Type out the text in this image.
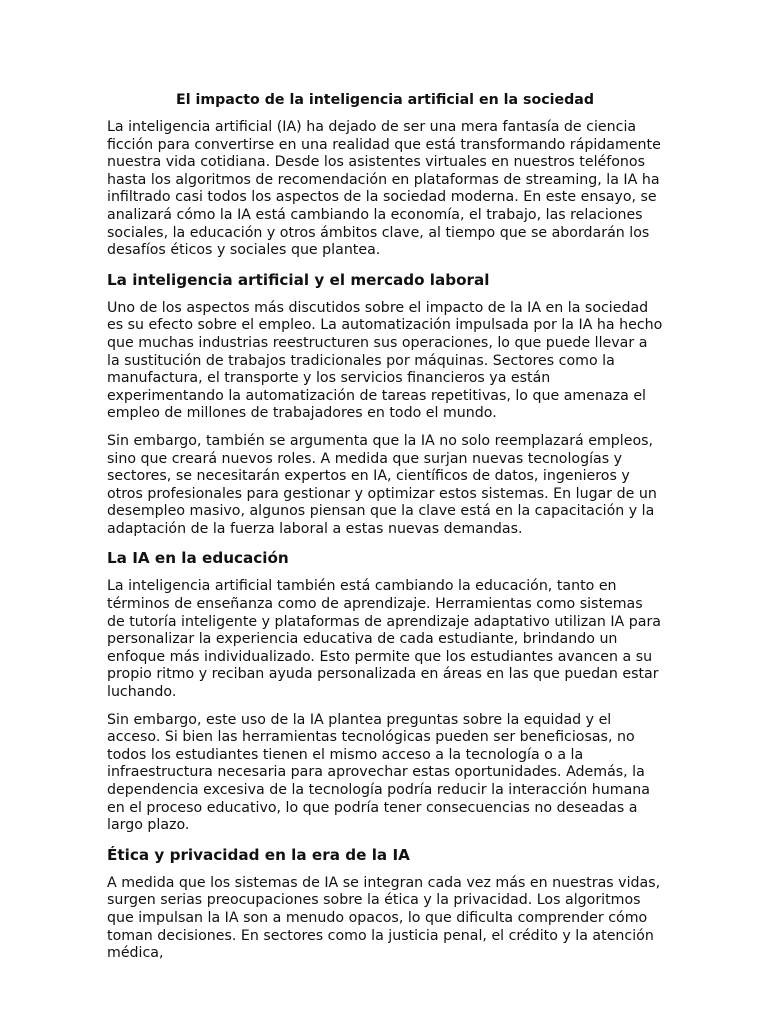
El impacto de la inteligencia artificial en la sociedad

La inteligencia artificial (IA) ha dejado de ser una mera fantasía de ciencia ficción para convertirse en una realidad que está transformando rápidamente nuestra vida cotidiana. Desde los asistentes virtuales en nuestros teléfonos hasta los algoritmos de recomendación en plataformas de streaming, la IA ha infiltrado casi todos los aspectos de la sociedad moderna. En este ensayo, se analizará cómo la IA está cambiando la economía, el trabajo, las relaciones sociales, la educación y otros ámbitos clave, al tiempo que se abordarán los desafíos éticos y sociales que plantea.

La inteligencia artificial y el mercado laboral

Uno de los aspectos más discutidos sobre el impacto de la IA en la sociedad es su efecto sobre el empleo. La automatización impulsada por la IA ha hecho que muchas industrias reestructuren sus operaciones, lo que puede llevar a la sustitución de trabajos tradicionales por máquinas. Sectores como la manufactura, el transporte y los servicios financieros ya están experimentando la automatización de tareas repetitivas, lo que amenaza el empleo de millones de trabajadores en todo el mundo.

Sin embargo, también se argumenta que la IA no solo reemplazará empleos, sino que creará nuevos roles. A medida que surjan nuevas tecnologías y sectores, se necesitarán expertos en IA, científicos de datos, ingenieros y otros profesionales para gestionar y optimizar estos sistemas. En lugar de un desempleo masivo, algunos piensan que la clave está en la capacitación y la adaptación de la fuerza laboral a estas nuevas demandas.

La IA en la educación

La inteligencia artificial también está cambiando la educación, tanto en términos de enseñanza como de aprendizaje. Herramientas como sistemas de tutoría inteligente y plataformas de aprendizaje adaptativo utilizan IA para personalizar la experiencia educativa de cada estudiante, brindando un enfoque más individualizado. Esto permite que los estudiantes avancen a su propio ritmo y reciban ayuda personalizada en áreas en las que puedan estar luchando.

Sin embargo, este uso de la IA plantea preguntas sobre la equidad y el acceso. Si bien las herramientas tecnológicas pueden ser beneficiosas, no todos los estudiantes tienen el mismo acceso a la tecnología o a la infraestructura necesaria para aprovechar estas oportunidades. Además, la dependencia excesiva de la tecnología podría reducir la interacción humana en el proceso educativo, lo que podría tener consecuencias no deseadas a largo plazo.

Ética y privacidad en la era de la IA

A medida que los sistemas de IA se integran cada vez más en nuestras vidas, surgen serias preocupaciones sobre la ética y la privacidad. Los algoritmos que impulsan la IA son a menudo opacos, lo que dificulta comprender cómo toman decisiones. En sectores como la justicia penal, el crédito y la atención médica,
